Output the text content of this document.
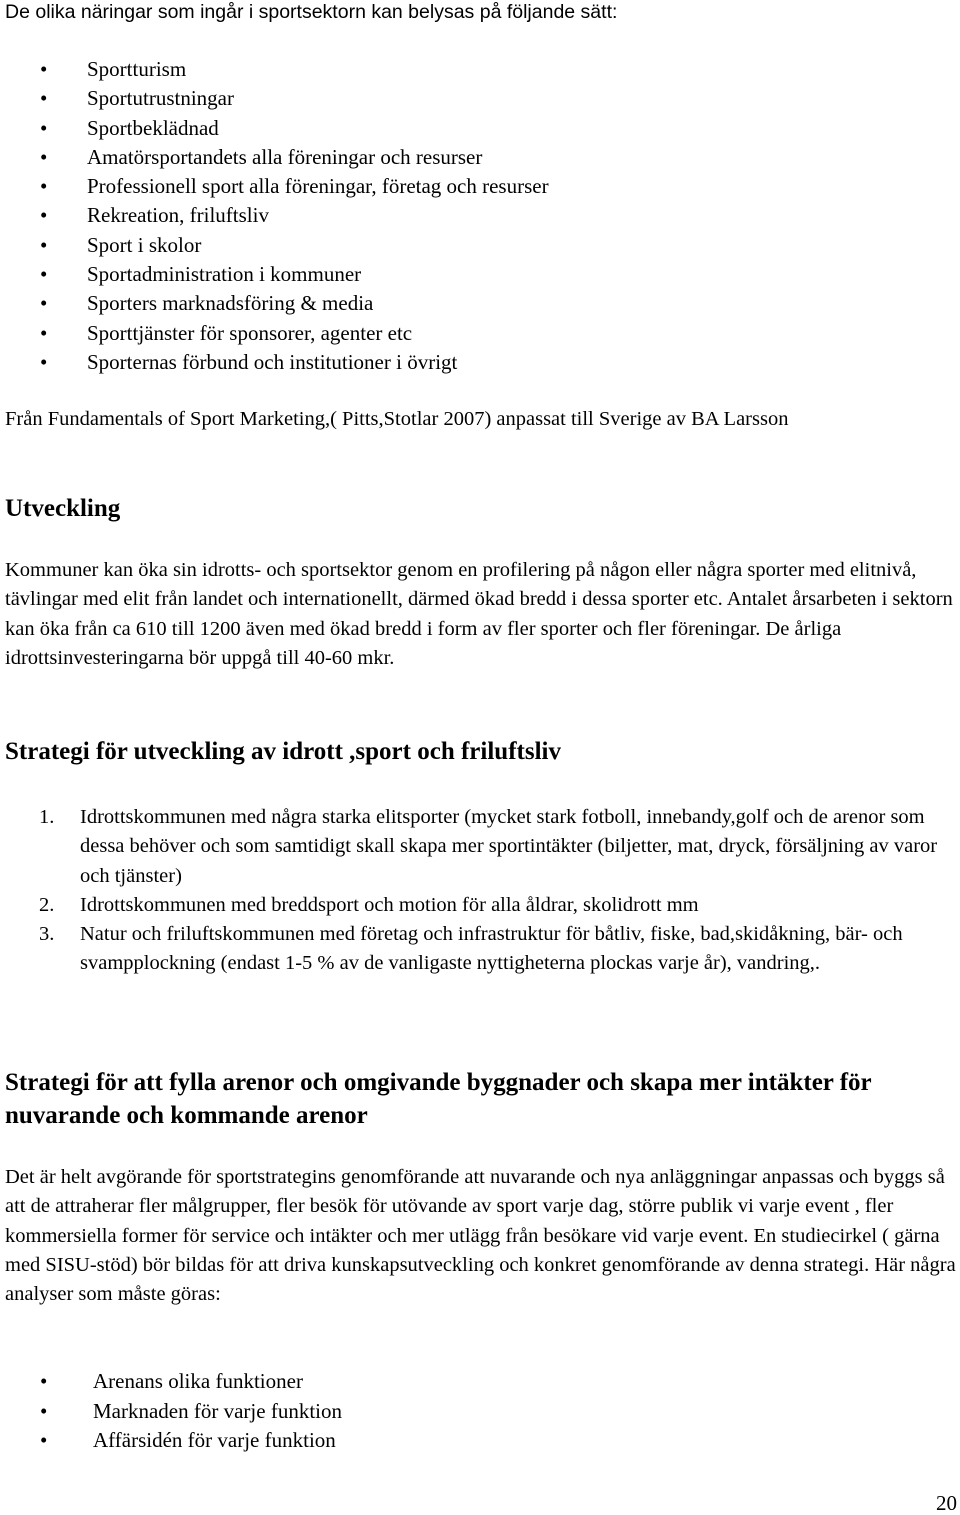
De olika näringar som ingår i sportsektorn kan belysas på följande sätt:

• Sportturism
• Sportutrustningar
• Sportbeklädnad
• Amatörsportandets alla föreningar och resurser
• Professionell sport alla föreningar, företag och resurser
• Rekreation, friluftsliv
• Sport i skolor
• Sportadministration i kommuner
• Sporters marknadsföring & media
• Sporttjänster för sponsorer, agenter etc
• Sporternas förbund och institutioner i övrigt

Från Fundamentals of Sport Marketing,( Pitts,Stotlar 2007) anpassat till Sverige av BA Larsson

Utveckling

Kommuner kan öka sin idrotts- och sportsektor genom en profilering på någon eller några sporter med elitnivå, tävlingar med elit från landet och internationellt, därmed ökad bredd i dessa sporter etc. Antalet årsarbeten i sektorn kan öka från ca 610 till 1200 även med ökad bredd i form av fler sporter och fler föreningar. De årliga idrottsinvesteringarna bör uppgå till 40-60 mkr.

Strategi för utveckling av idrott ,sport och friluftsliv
1. Idrottskommunen med några starka elitsporter (mycket stark fotboll, innebandy,golf och de arenor som dessa behöver och som samtidigt skall skapa mer sportintäkter (biljetter, mat, dryck, försäljning av varor och tjänster)
2. Idrottskommunen med breddsport och motion för alla åldrar, skolidrott mm
3. Natur och friluftskommunen med företag och infrastruktur för båtliv, fiske, bad,skidåkning, bär- och svampplockning (endast 1-5 % av de vanligaste nyttigheterna plockas varje år), vandring,.
Strategi för att fylla arenor och omgivande byggnader och skapa mer intäkter för nuvarande och kommande arenor

Det är helt avgörande för sportstrategins genomförande att nuvarande och nya anläggningar anpassas och byggs så att de attraherar fler målgrupper, fler besök för utövande av sport varje dag, större publik vi varje event , fler kommersiella former för service och intäkter och mer utlägg från besökare vid varje event. En studiecirkel ( gärna med SISU-stöd) bör bildas för att driva kunskapsutveckling och konkret genomförande av denna strategi. Här några analyser som måste göras:

• Arenans olika funktioner
• Marknaden för varje funktion
• Affärsidén för varje funktion

20
